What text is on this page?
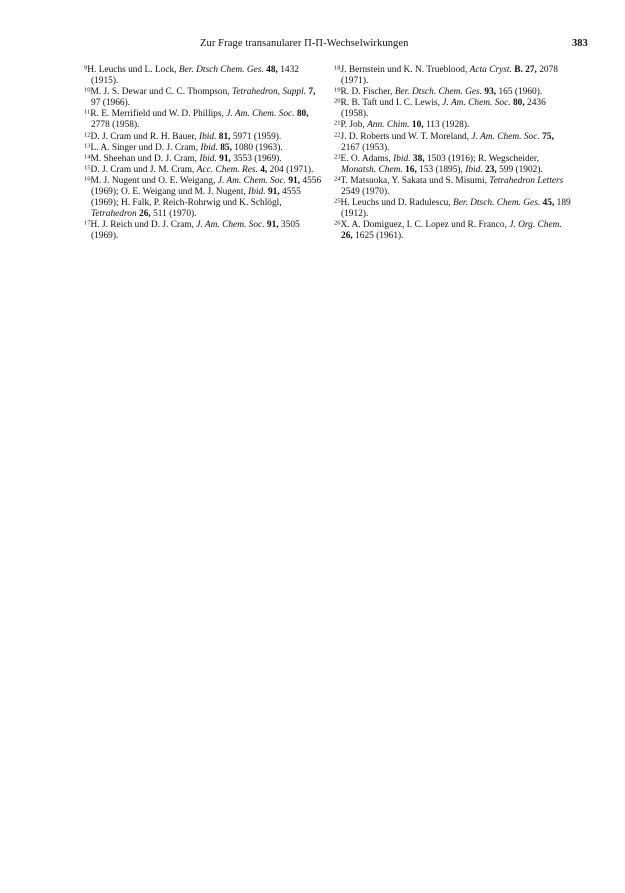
Zur Frage transanularer Π-Π-Wechselwirkungen	383

$^9$H. Leuchs und L. Lock, Ber. Dtsch Chem. Ges. 48, 1432 (1915).

$^{10}$M. J. S. Dewar und C. C. Thompson, Tetrahedron, Suppl. 7, 97 (1966).

$^{11}$R. E. Merrifield und W. D. Phillips, J. Am. Chem. Soc. 80, 2778 (1958).

$^{12}$D. J. Cram und R. H. Bauer, Ibid. 81, 5971 (1959).

$^{13}$L. A. Singer und D. J. Cram, Ibid. 85, 1080 (1963).

$^{14}$M. Sheehan und D. J. Cram, Ibid. 91, 3553 (1969).

$^{15}$D. J. Cram und J. M. Cram, Acc. Chem. Res. 4, 204 (1971).

$^{16}$M. J. Nugent und O. E. Weigang, J. Am. Chem. Soc. 91, 4556 (1969); O. E. Weigang und M. J. Nugent, Ibid. 91, 4555 (1969); H. Falk, P. Reich-Rohrwig und K. Schlögl, Tetrahedron 26, 511 (1970).

$^{17}$H. J. Reich und D. J. Cram, J. Am. Chem. Soc. 91, 3505 (1969).

$^{18}$J. Bernstein und K. N. Trueblood, Acta Cryst. B. 27, 2078 (1971).

$^{19}$R. D. Fischer, Ber. Dtsch. Chem. Ges. 93, 165 (1960).

$^{20}$R. B. Taft und I. C. Lewis, J. Am. Chem. Soc. 80, 2436 (1958).

$^{21}$P. Job, Ann. Chim. 10, 113 (1928).

$^{22}$J. D. Roberts und W. T. Moreland, J. Am. Chem. Soc. 75, 2167 (1953).

$^{23}$E. O. Adams, Ibid. 38, 1503 (1916); R. Wegscheider, Monatsh. Chem. 16, 153 (1895), Ibid. 23, 599 (1902).

$^{24}$T. Matsuoka, Y. Sakata und S. Misumi, Tetrahedron Letters 2549 (1970).

$^{25}$H. Leuchs und D. Radulescu, Ber. Dtsch. Chem. Ges. 45, 189 (1912).

$^{26}$X. A. Domiguez, I. C. Lopez und R. Franco, J. Org. Chem. 26, 1625 (1961).
